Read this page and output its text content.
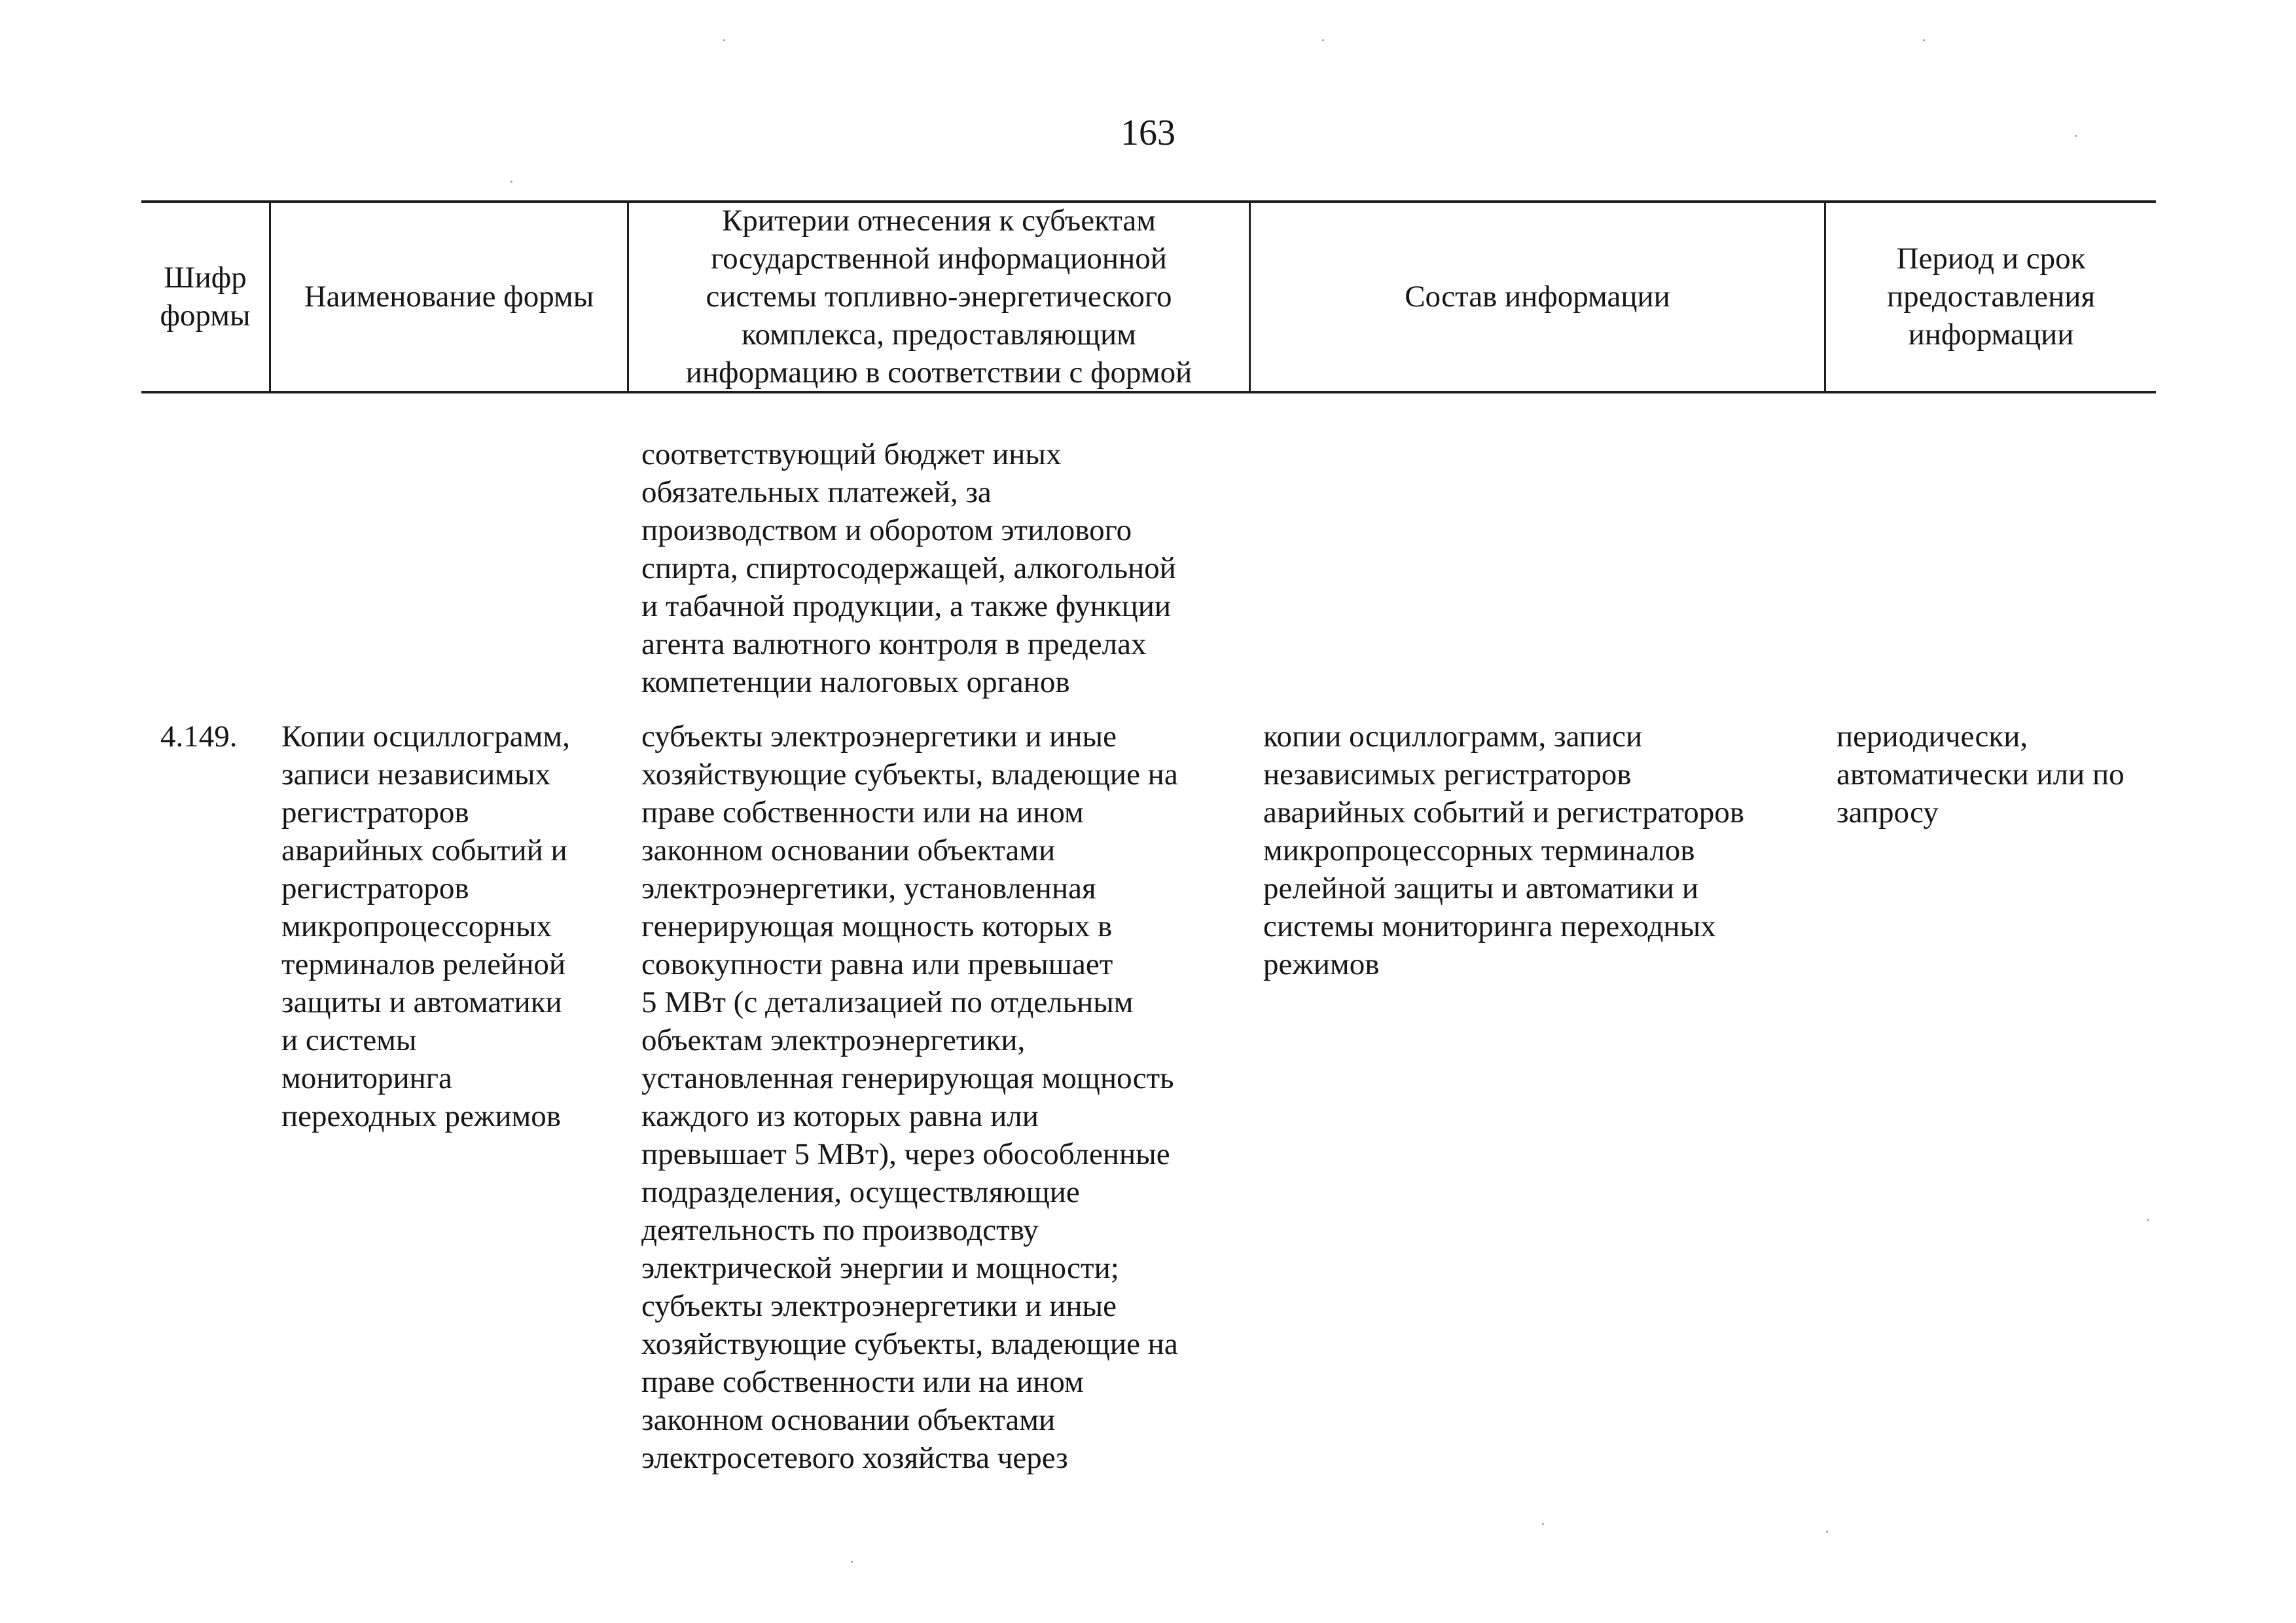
163
Шифр
формы
Наименование формы
Критерии отнесения к субъектам
государственной информационной
системы топливно-энергетического
комплекса, предоставляющим
информацию в соответствии с формой
Состав информации
Период и срок
предоставления
информации
соответствующий бюджет иных
обязательных платежей, за
производством и оборотом этилового
спирта, спиртосодержащей, алкогольной
и табачной продукции, а также функции
агента валютного контроля в пределах
компетенции налоговых органов
4.149. Копии осциллограмм,
записи независимых
регистраторов
аварийных событий и
регистраторов
микропроцессорных
терминалов релейной
защиты и автоматики
и системы
мониторинга
переходных режимов
субъекты электроэнергетики и иные
хозяйствующие субъекты, владеющие на
праве собственности или на ином
законном основании объектами
электроэнергетики, установленная
генерирующая мощность которых в
совокупности равна или превышает
5 МВт (с детализацией по отдельным
объектам электроэнергетики,
установленная генерирующая мощность
каждого из которых равна или
превышает 5 МВт), через обособленные
подразделения, осуществляющие
деятельность по производству
электрической энергии и мощности;
субъекты электроэнергетики и иные
хозяйствующие субъекты, владеющие на
праве собственности или на ином
законном основании объектами
электросетевого хозяйства через
копии осциллограмм, записи
независимых регистраторов
аварийных событий и регистраторов
микропроцессорных терминалов
релейной защиты и автоматики и
системы мониторинга переходных
режимов
периодически,
автоматически или по
запросу
